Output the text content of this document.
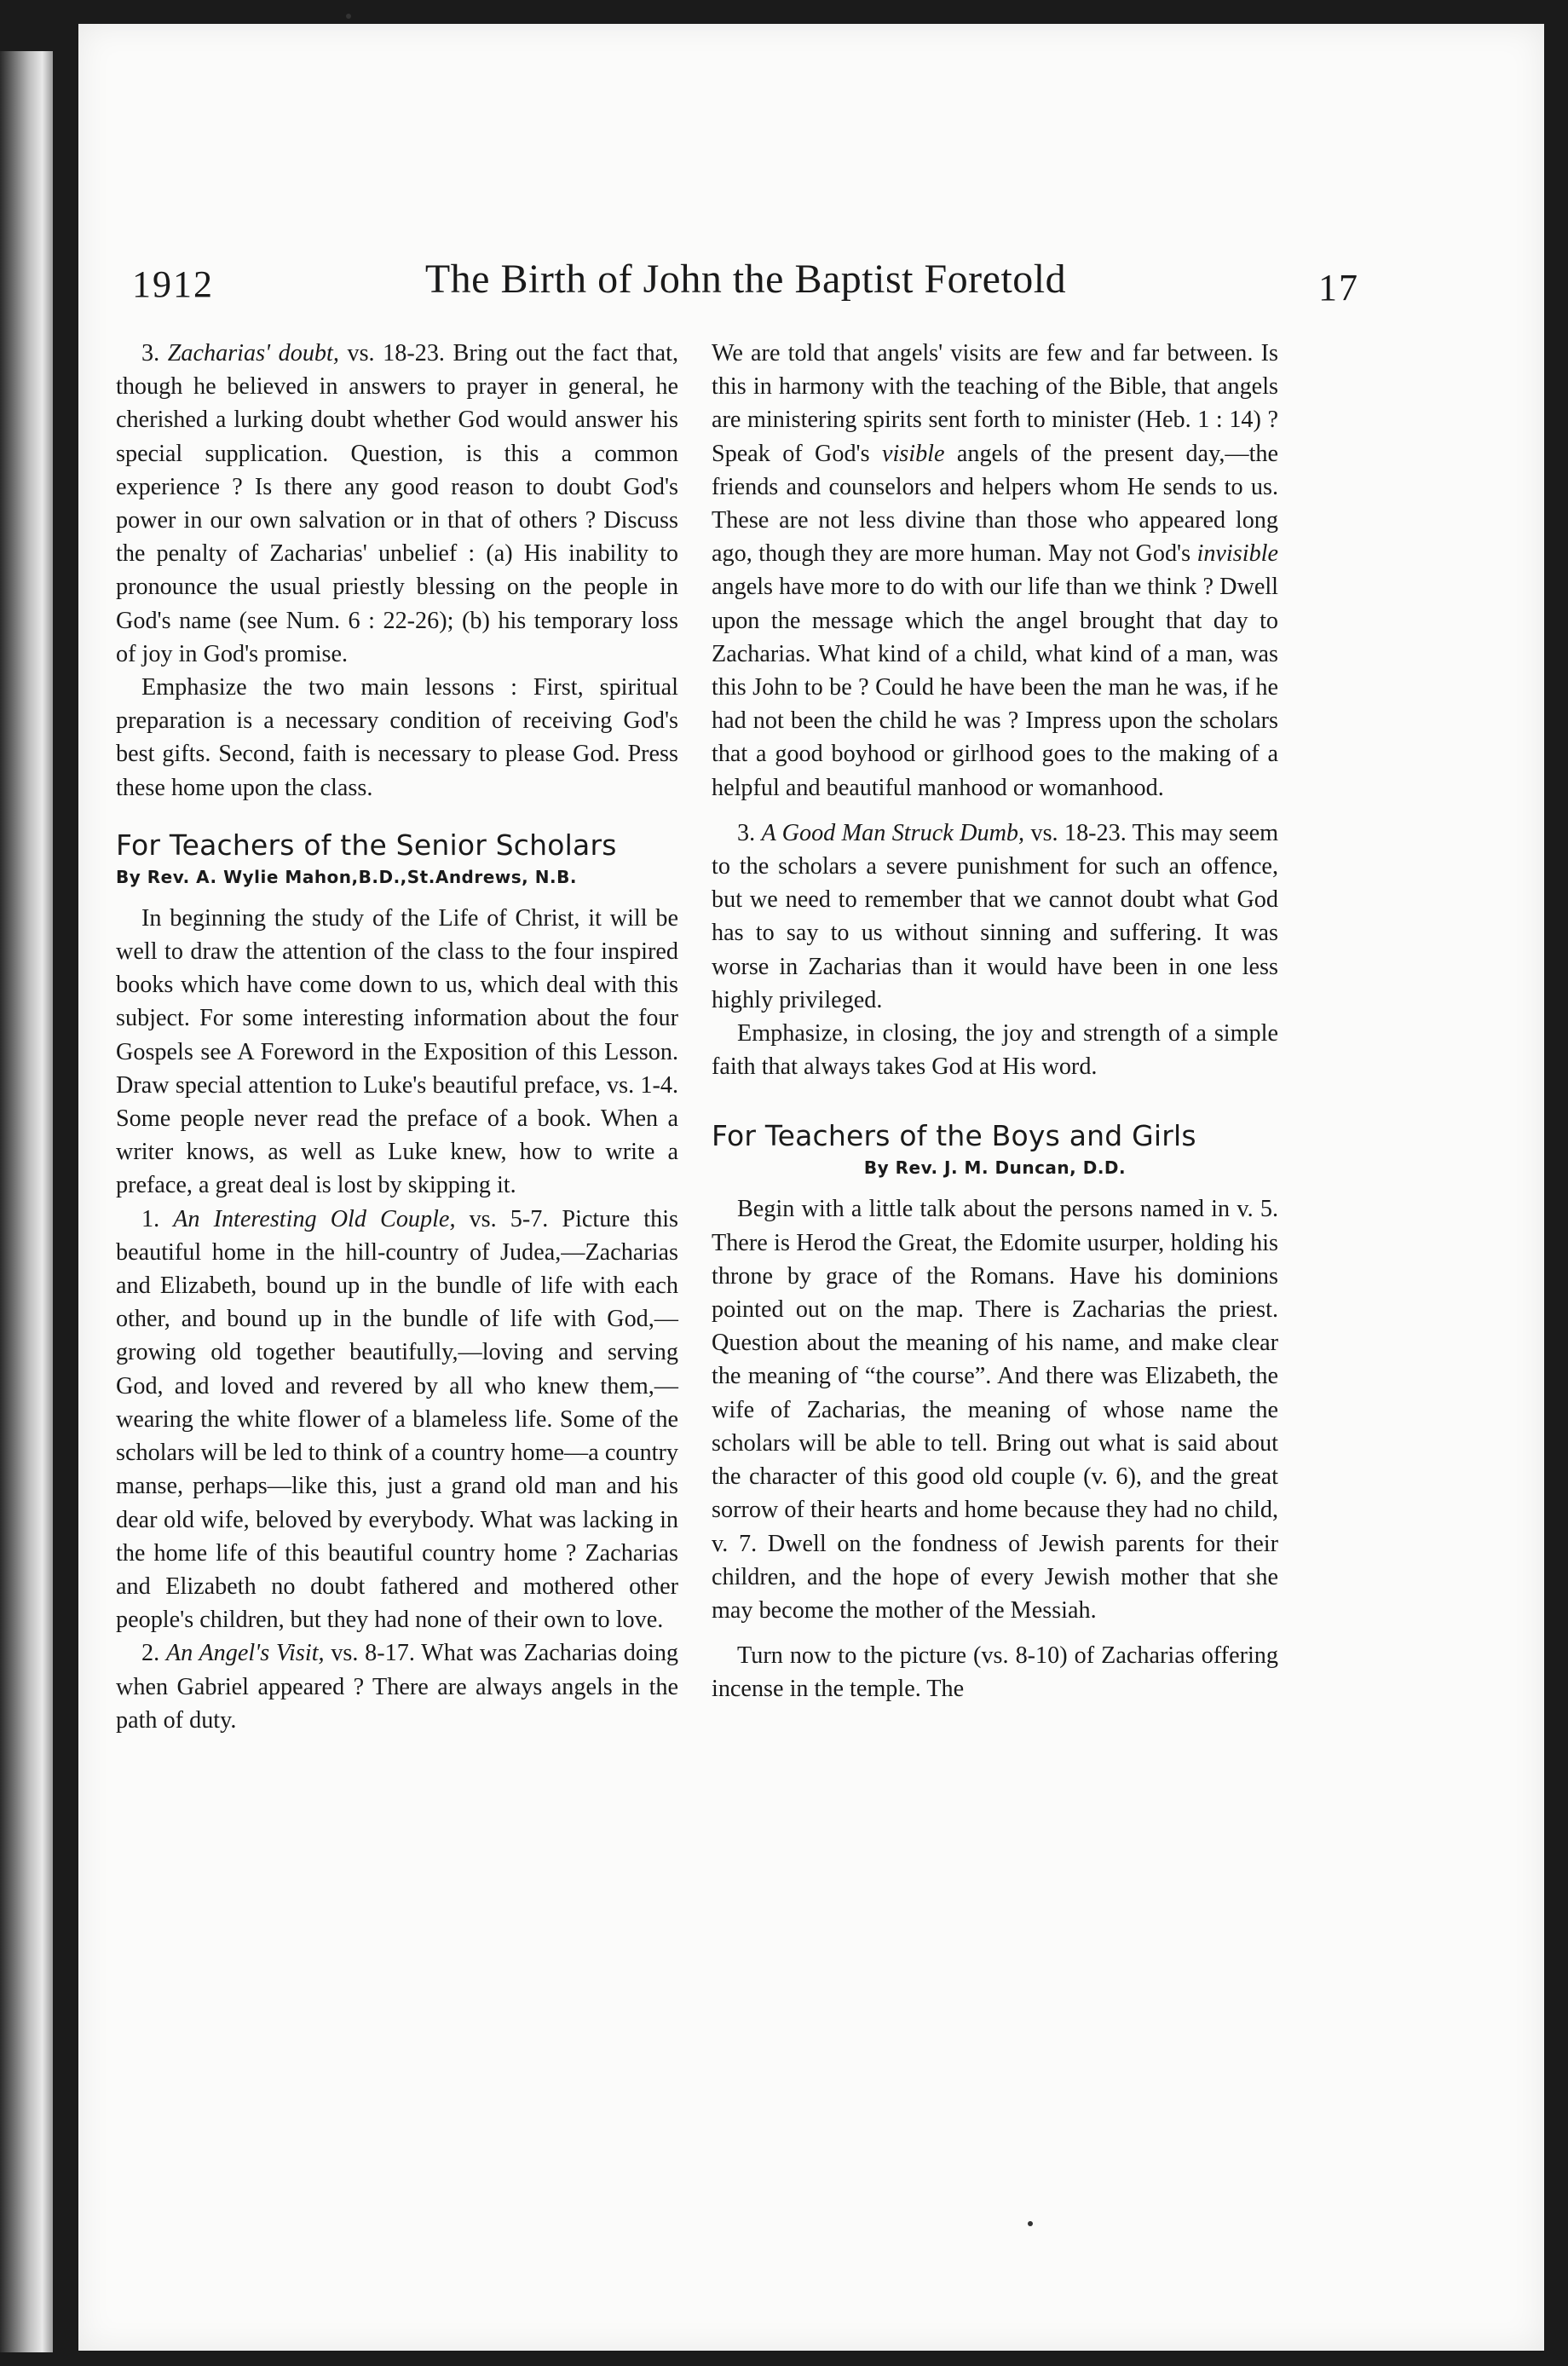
1912	The Birth of John the Baptist Foretold	17

3. Zacharias' doubt, vs. 18-23. Bring out the fact that, though he believed in answers to prayer in general, he cherished a lurking doubt whether God would answer his special supplication. Question, is this a common experience ? Is there any good reason to doubt God's power in our own salvation or in that of others ? Discuss the penalty of Zacharias' unbelief : (a) His inability to pronounce the usual priestly blessing on the people in God's name (see Num. 6 : 22-26); (b) his temporary loss of joy in God's promise.

Emphasize the two main lessons : First, spiritual preparation is a necessary condition of receiving God's best gifts. Second, faith is necessary to please God. Press these home upon the class.

For Teachers of the Senior Scholars
By Rev. A. Wylie Mahon,B.D.,St.Andrews, N.B.

In beginning the study of the Life of Christ, it will be well to draw the attention of the class to the four inspired books which have come down to us, which deal with this subject. For some interesting information about the four Gospels see A Foreword in the Exposition of this Lesson. Draw special attention to Luke's beautiful preface, vs. 1-4. Some people never read the preface of a book. When a writer knows, as well as Luke knew, how to write a preface, a great deal is lost by skipping it.

1. An Interesting Old Couple, vs. 5-7. Picture this beautiful home in the hill-country of Judea,—Zacharias and Elizabeth, bound up in the bundle of life with each other, and bound up in the bundle of life with God,—growing old together beautifully,—loving and serving God, and loved and revered by all who knew them,—wearing the white flower of a blameless life. Some of the scholars will be led to think of a country home—a country manse, perhaps—like this, just a grand old man and his dear old wife, beloved by everybody. What was lacking in the home life of this beautiful country home ? Zacharias and Elizabeth no doubt fathered and mothered other people's children, but they had none of their own to love.

2. An Angel's Visit, vs. 8-17. What was Zacharias doing when Gabriel appeared ? There are always angels in the path of duty.

We are told that angels' visits are few and far between. Is this in harmony with the teaching of the Bible, that angels are ministering spirits sent forth to minister (Heb. 1 : 14) ? Speak of God's visible angels of the present day,—the friends and counselors and helpers whom He sends to us. These are not less divine than those who appeared long ago, though they are more human. May not God's invisible angels have more to do with our life than we think ? Dwell upon the message which the angel brought that day to Zacharias. What kind of a child, what kind of a man, was this John to be ? Could he have been the man he was, if he had not been the child he was ? Impress upon the scholars that a good boyhood or girlhood goes to the making of a helpful and beautiful manhood or womanhood.

3. A Good Man Struck Dumb, vs. 18-23. This may seem to the scholars a severe punishment for such an offence, but we need to remember that we cannot doubt what God has to say to us without sinning and suffering. It was worse in Zacharias than it would have been in one less highly privileged.

Emphasize, in closing, the joy and strength of a simple faith that always takes God at His word.

For Teachers of the Boys and Girls
By Rev. J. M. Duncan, D.D.

Begin with a little talk about the persons named in v. 5. There is Herod the Great, the Edomite usurper, holding his throne by grace of the Romans. Have his dominions pointed out on the map. There is Zacharias the priest. Question about the meaning of his name, and make clear the meaning of “the course”. And there was Elizabeth, the wife of Zacharias, the meaning of whose name the scholars will be able to tell. Bring out what is said about the character of this good old couple (v. 6), and the great sorrow of their hearts and home because they had no child, v. 7. Dwell on the fondness of Jewish parents for their children, and the hope of every Jewish mother that she may become the mother of the Messiah.

Turn now to the picture (vs. 8-10) of Zacharias offering incense in the temple. The
